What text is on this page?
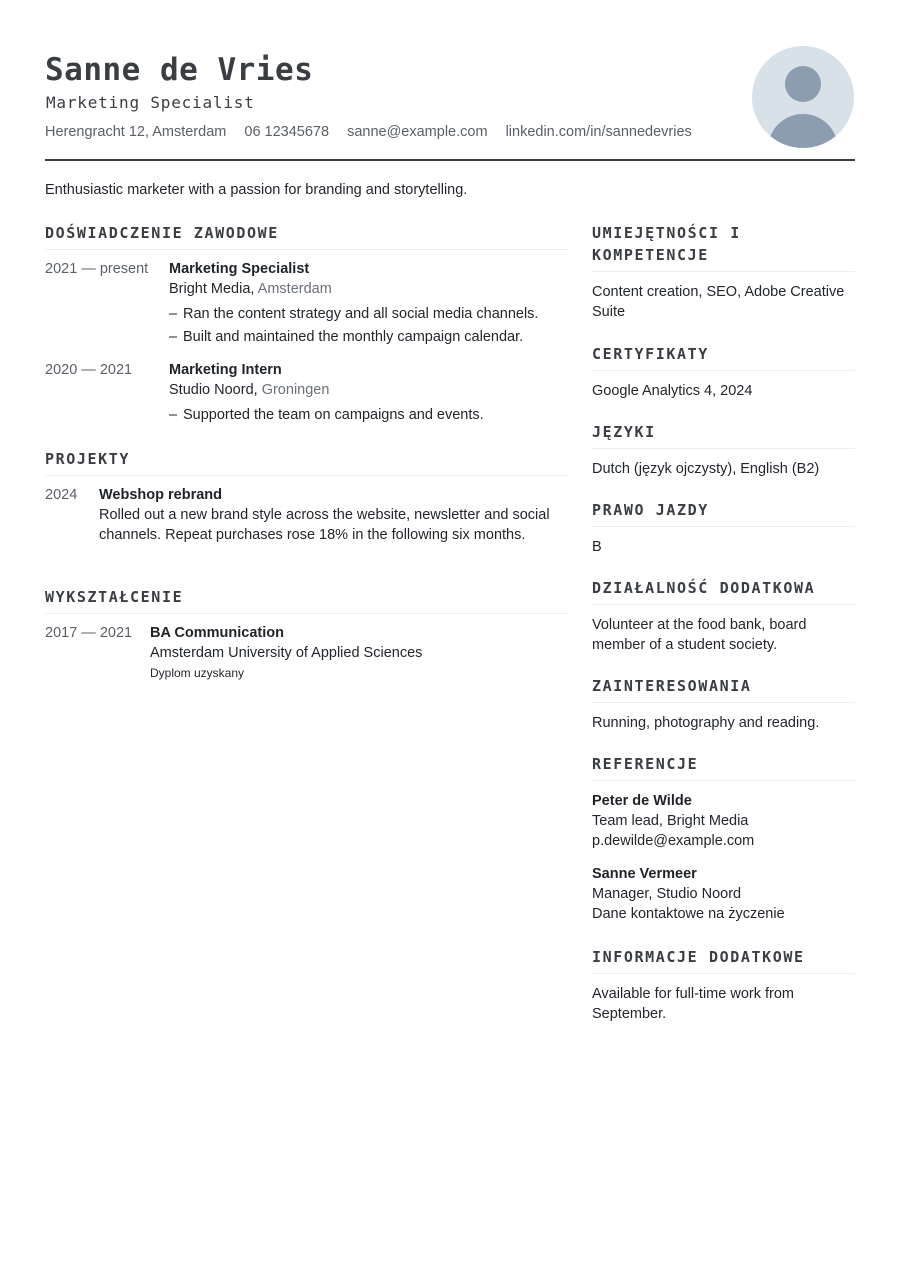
Sanne de Vries
Marketing Specialist
Herengracht 12, Amsterdam 06 12345678 sanne@example.com linkedin.com/in/sannedevries
Enthusiastic marketer with a passion for branding and storytelling.
DOŚWIADCZENIE ZAWODOWE
2021 — present	Marketing Specialist
Bright Media, Amsterdam
– Ran the content strategy and all social media channels.
– Built and maintained the monthly campaign calendar.
2020 — 2021	Marketing Intern
Studio Noord, Groningen
– Supported the team on campaigns and events.
PROJEKTY
2024	Webshop rebrand
Rolled out a new brand style across the website, newsletter and social channels. Repeat purchases rose 18% in the following six months.
WYKSZTAŁCENIE
2017 — 2021	BA Communication
Amsterdam University of Applied Sciences
Dyplom uzyskany
UMIEJĘTNOŚCI I KOMPETENCJE
Content creation, SEO, Adobe Creative Suite
CERTYFIKATY
Google Analytics 4, 2024
JĘZYKI
Dutch (język ojczysty), English (B2)
PRAWO JAZDY
B
DZIAŁALNOŚĆ DODATKOWA
Volunteer at the food bank, board member of a student society.
ZAINTERESOWANIA
Running, photography and reading.
REFERENCJE
Peter de Wilde
Team lead, Bright Media
p.dewilde@example.com
Sanne Vermeer
Manager, Studio Noord
Dane kontaktowe na życzenie
INFORMACJE DODATKOWE
Available for full-time work from September.
